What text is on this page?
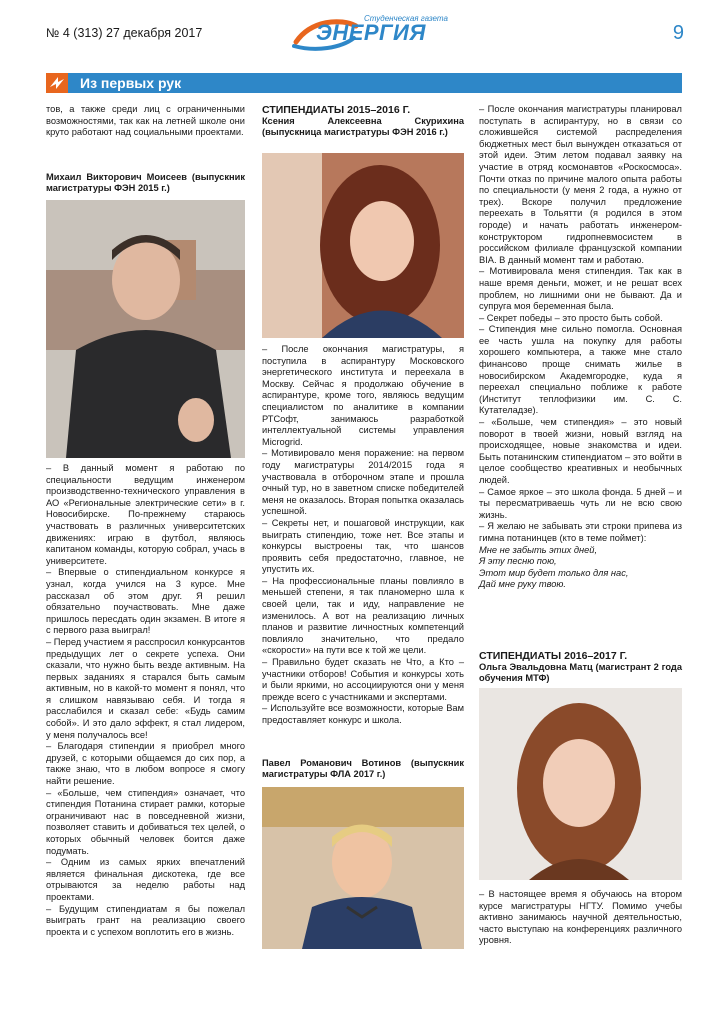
№ 4 (313) 27 декабря 2017
Студенческая газета
ЭНЕРГИЯ	9
Из первых рук

тов, а также среди лиц с ограниченными возможностями, так как на летней школе они круто работают над социальными проектами.

Михаил Викторович Моисеев (выпускник магистратуры ФЭН 2015 г.)

– В данный момент я работаю по специальности ведущим инженером производственно-технического управления в АО «Региональные электрические сети» в г. Новосибирске. По-прежнему стараюсь участвовать в различных университетских движениях: играю в футбол, являюсь капитаном команды, которую собрал, учась в университете.

– Впервые о стипендиальном конкурсе я узнал, когда учился на 3 курсе. Мне рассказал об этом друг. Я решил обязательно поучаствовать. Мне даже пришлось пересдать один экзамен. В итоге я с первого раза выиграл!

– Перед участием я расспросил конкурсантов предыдущих лет о секрете успеха. Они сказали, что нужно быть везде активным. На первых заданиях я старался быть самым активным, но в какой-то момент я понял, что я слишком навязываю себя. И тогда я расслабился и сказал себе: «Будь самим собой». И это дало эффект, я стал лидером, у меня получалось все!

– Благодаря стипендии я приобрел много друзей, с которыми общаемся до сих пор, а также знаю, что в любом вопросе я смогу найти решение.

– «Больше, чем стипендия» означает, что стипендия Потанина стирает рамки, которые ограничивают нас в повседневной жизни, позволяет ставить и добиваться тех целей, о которых обычный человек боится даже подумать.

– Одним из самых ярких впечатлений является финальная дискотека, где все отрываются за неделю работы над проектами.

– Будущим стипендиатам я бы пожелал выиграть грант на реализацию своего проекта и с успехом воплотить его в жизнь.

СТИПЕНДИАТЫ 2015–2016 Г.

Ксения Алексеевна Скурихина (выпускница магистратуры ФЭН 2016 г.)

– После окончания магистратуры, я поступила в аспирантуру Московского энергетического института и переехала в Москву. Сейчас я продолжаю обучение в аспирантуре, кроме того, являюсь ведущим специалистом по аналитике в компании РТСофт, занимаюсь разработкой интеллектуальной системы управления Microgrid.

– Мотивировало меня поражение: на первом году магистратуры 2014/2015 года я участвовала в отборочном этапе и прошла очный тур, но в заветном списке победителей меня не оказалось. Вторая попытка оказалась успешной.

– Секреты нет, и пошаговой инструкции, как выиграть стипендию, тоже нет. Все этапы и конкурсы выстроены так, что шансов проявить себя предостаточно, главное, не упустить их.

– На профессиональные планы повлияло в меньшей степени, я так планомерно шла к своей цели, так и иду, направление не изменилось. А вот на реализацию личных планов и развитие личностных компетенций повлияло значительно, что предало «скорости» на пути все к той же цели.

– Правильно будет сказать не Что, а Кто – участники отборов! События и конкурсы хоть и были яркими, но ассоциируются они у меня прежде всего с участниками и экспертами.

– Используйте все возможности, которые Вам предоставляет конкурс и школа.

Павел Романович Вотинов (выпускник магистратуры ФЛА 2017 г.)

– После окончания магистратуры планировал поступать в аспирантуру, но в связи со сложившейся системой распределения бюджетных мест был вынужден отказаться от этой идеи. Этим летом подавал заявку на участие в отряд космонавтов «Роскосмоса». Почти отказ по причине малого опыта работы по специальности (у меня 2 года, а нужно от трех). Вскоре получил предложение переехать в Тольятти (я родился в этом городе) и начать работать инженером-конструктором гидропневмосистем в российском филиале французской компании BIA. В данный момент там и работаю.

– Мотивировала меня стипендия. Так как в наше время деньги, может, и не решат всех проблем, но лишними они не бывают. Да и супруга моя беременная была.

– Секрет победы – это просто быть собой.

– Стипендия мне сильно помогла. Основная ее часть ушла на покупку для работы хорошего компьютера, а также мне стало финансово проще снимать жилье в новосибирском Академгородке, куда я переехал специально поближе к работе (Институт теплофизики им. С. С. Кутателадзе).

– «Больше, чем стипендия» – это новый поворот в твоей жизни, новый взгляд на происходящее, новые знакомства и идеи. Быть потанинским стипендиатом – это войти в целое сообщество креативных и необычных людей.

– Самое яркое – это школа фонда. 5 дней – и ты пересматриваешь чуть ли не всю свою жизнь.

– Я желаю не забывать эти строки припева из гимна потанинцев (кто в теме поймет):

Мне не забыть этих дней,

Я эту песню пою,

Этот мир будет только для нас,

Дай мне руку твою.

СТИПЕНДИАТЫ 2016–2017 Г.

Ольга Эвальдовна Матц (магистрант 2 года обучения МТФ)

– В настоящее время я обучаюсь на втором курсе магистратуры НГТУ. Помимо учебы активно занимаюсь научной деятельностью, часто выступаю на конференциях различного уровня.
